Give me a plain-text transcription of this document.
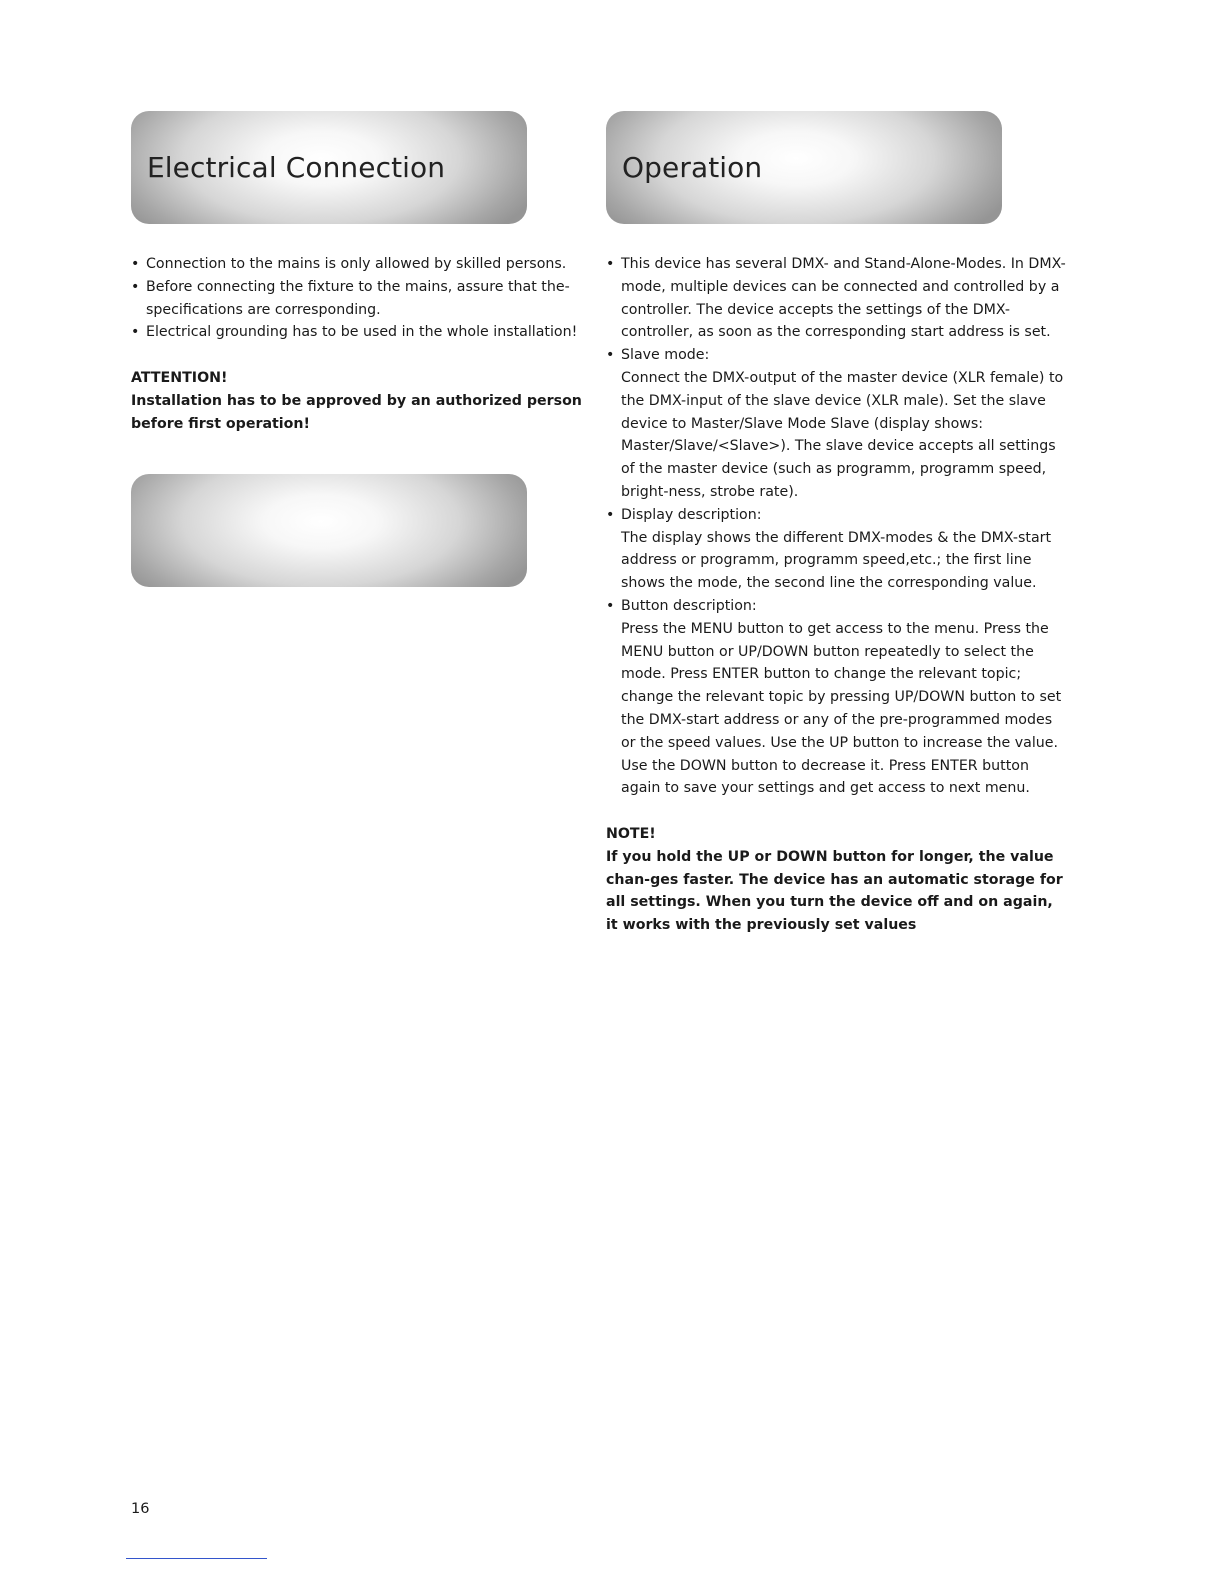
Electrical Connection	Operation
• Connection to the mains is only allowed by skilled persons.
• Before connecting the fixture to the mains, assure that the-specifications are corresponding.
• Electrical grounding has to be used in the whole installation!
ATTENTION!
Installation has to be approved by an authorized person before first operation!
• This device has several DMX- and Stand-Alone-Modes. In DMX-mode, multiple devices can be connected and controlled by a controller. The device accepts the settings of the DMX-controller, as soon as the corresponding start address is set.
• Slave mode:
Connect the DMX-output of the master device (XLR female) to the DMX-input of the slave device (XLR male). Set the slave device to Master/Slave Mode Slave (display shows: Master/Slave/<Slave>). The slave device accepts all settings of the master device (such as programm, programm speed, bright-ness, strobe rate).
• Display description:
The display shows the different DMX-modes & the DMX-start address or programm, programm speed,etc.; the first line shows the mode, the second line the corresponding value.
• Button description:
Press the MENU button to get access to the menu. Press the MENU button or UP/DOWN button repeatedly to select the mode. Press ENTER button to change the relevant topic; change the relevant topic by pressing UP/DOWN button to set the DMX-start address or any of the pre-programmed modes or the speed values. Use the UP button to increase the value. Use the DOWN button to decrease it. Press ENTER button again to save your settings and get access to next menu.
NOTE!
If you hold the UP or DOWN button for longer, the value chan-ges faster. The device has an automatic storage for all settings. When you turn the device off and on again, it works with the previously set values
16
